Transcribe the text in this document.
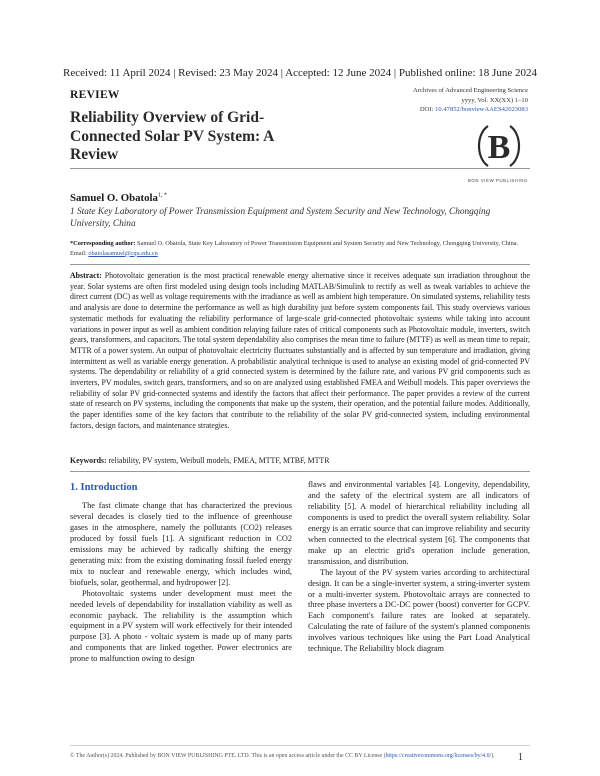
Received: 11 April 2024 | Revised: 23 May 2024 | Accepted: 12 June 2024 | Published online: 18 June 2024
REVIEW
Reliability Overview of Grid-Connected Solar PV System: A Review
Archives of Advanced Engineering Science
yyyy, Vol. XX(XX) 1–10
DOI: 10.47852/bonviewAAES42023083
B
BON VIEW PUBLISHING
Samuel O. Obatola$^{1, *}$
1 State Key Laboratory of Power Transmission Equipment and System Security and New Technology, Chongqing University, China
*Corresponding author: Samuel O. Obatola, State Key Laboratory of Power Transmission Equipment and System Security and New Technology, Chongqing University, China. Email: obatolasamuel@cqu.edu.cn
Abstract: Photovoltaic generation is the most practical renewable energy alternative since it receives adequate sun irradiation throughout the year. Solar systems are often first modeled using design tools including MATLAB/Simulink to rectify as well as tweak variables to achieve the direct current (DC) as well as voltage requirements with the irradiance as well as ambient high temperature. On simulated systems, reliability tests and analysis are done to determine the performance as well as high durability just before system components fail. This study overviews various systematic methods for evaluating the reliability performance of large-scale grid-connected photovoltaic systems while taking into account variations in power input as well as ambient condition relaying failure rates of critical components such as Photovoltaic module, inverters, switch gears, transformers, and capacitors. The total system dependability also comprises the mean time to failure (MTTF) as well as mean time to repair, MTTR of a power system. An output of photovoltaic electricity fluctuates substantially and is affected by sun temperature and irradiation, giving intermittent as well as variable energy generation. A probabilistic analytical technique is used to analyse an existing model of grid-connected PV systems. The dependability or reliability of a grid connected system is determined by the failure rate, and various PV grid components such as inverters, PV modules, switch gears, transformers, and so on are analyzed using established FMEA and Weibull models. This paper overviews the reliability of solar PV grid-connected systems and identify the factors that affect their performance. The paper provides a review of the current state of research on PV systems, including the components that make up the system, their operation, and the potential failure modes. Additionally, the paper identifies some of the key factors that contribute to the reliability of the solar PV grid-connected system, including environmental factors, design factors, and maintenance strategies.
Keywords: reliability, PV system, Weibull models, FMEA, MTTF, MTBF, MTTR
1. Introduction

The fast climate change that has characterized the previous several decades is closely tied to the influence of greenhouse gases in the atmosphere, namely the pollutants (CO2) releases produced by fossil fuels [1]. A significant reduction in CO2 emissions may be achieved by radically shifting the energy generating mix: from the existing dominating fossil fueled energy mix to nuclear and renewable energy, which includes wind, biofuels, solar, geothermal, and hydropower [2].

Photovoltaic systems under development must meet the needed levels of dependability for installation viability as well as economic payback. The reliability is the assumption which equipment in a PV system will work effectively for their intended purpose [3]. A photo - voltaic system is made up of many parts and components that are linked together. Power electronics are prone to malfunction owing to design

flaws and environmental variables [4]. Longevity, dependability, and the safety of the electrical system are all indicators of reliability [5]. A model of hierarchical reliability including all components is used to predict the overall system reliability. Solar energy is an erratic source that can improve reliability and security when connected to the electrical system [6]. The components that make up an electric grid's operation include generation, transmission, and distribution.

The layout of the PV system varies according to architectural design. It can be a single-inverter system, a string-inverter system or a multi-inverter system. Photovoltaic arrays are connected to three phase inverters a DC-DC power (boost) converter for GCPV. Each component's failure rates are looked at separately. Calculating the rate of failure of the system's planned components involves various techniques like using the Part Load Analytical technique. The Reliability block diagram

© The Author(s) 2024. Published by BON VIEW PUBLISHING PTE. LTD. This is an open access article under the CC BY License (https://creativecommons.org/licenses/by/4.0/).	1
